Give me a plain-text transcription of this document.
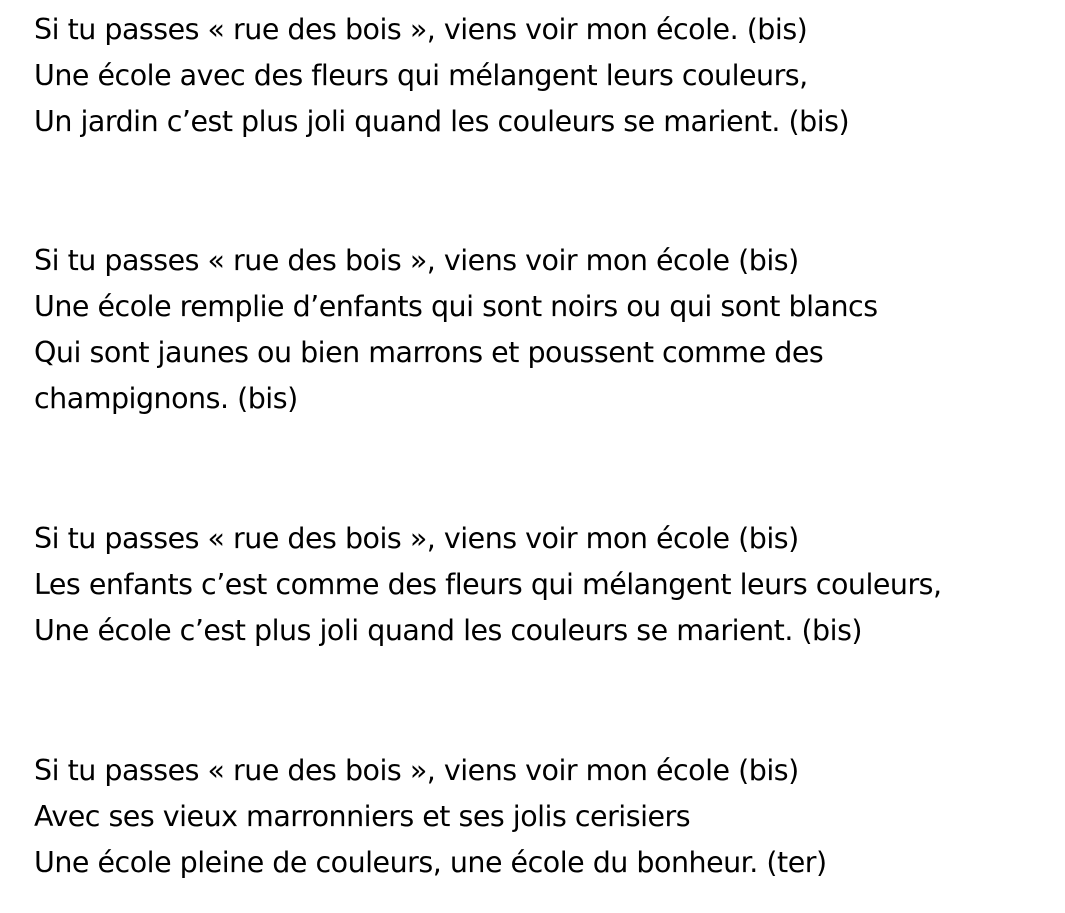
Si tu passes « rue des bois », viens voir mon école. (bis)
Une école avec des fleurs qui mélangent leurs couleurs,
Un jardin c’est plus joli quand les couleurs se marient. (bis)
Si tu passes « rue des bois », viens voir mon école (bis)
Une école remplie d’enfants qui sont noirs ou qui sont blancs
Qui sont jaunes ou bien marrons et poussent comme des
champignons. (bis)
Si tu passes « rue des bois », viens voir mon école (bis)
Les enfants c’est comme des fleurs qui mélangent leurs couleurs,
Une école c’est plus joli quand les couleurs se marient. (bis)
Si tu passes « rue des bois », viens voir mon école (bis)
Avec ses vieux marronniers et ses jolis cerisiers
Une école pleine de couleurs, une école du bonheur. (ter)
